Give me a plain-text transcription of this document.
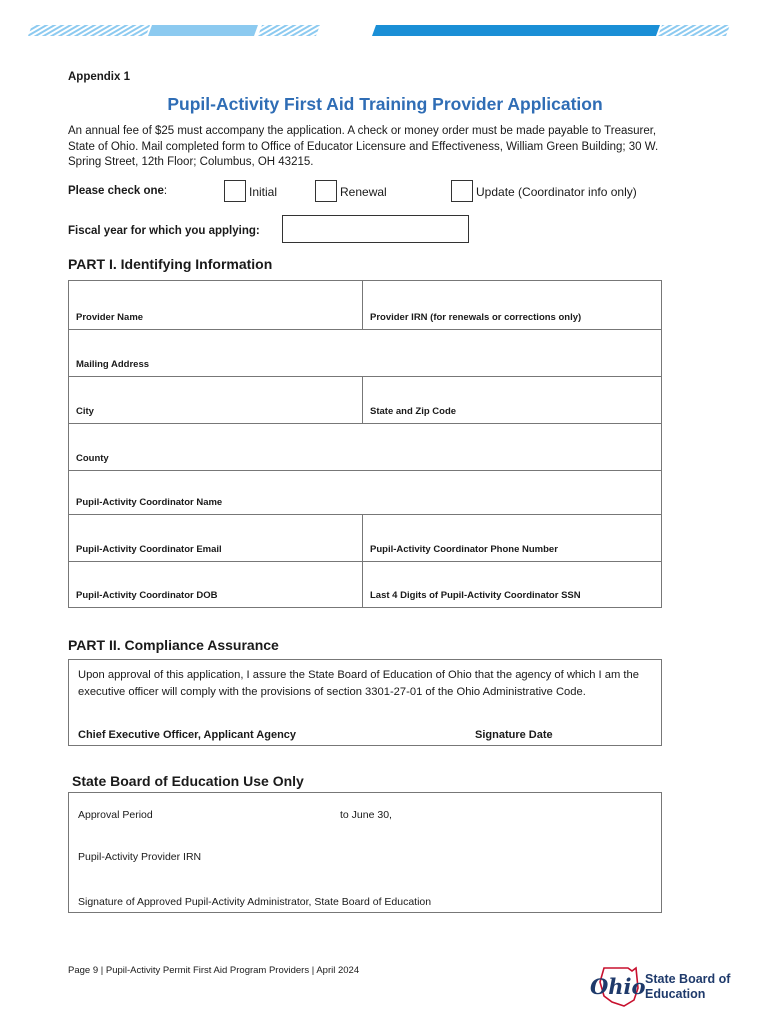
Appendix 1
Pupil-Activity First Aid Training Provider Application
An annual fee of $25 must accompany the application. A check or money order must be made payable to Treasurer, State of Ohio. Mail completed form to Office of Educator Licensure and Effectiveness, William Green Building; 30 W. Spring Street, 12th Floor; Columbus, OH 43215.
Please check one:	Initial	Renewal	Update (Coordinator info only)
Fiscal year for which you applying:
PART I. Identifying Information
Provider Name	Provider IRN (for renewals or corrections only)
Mailing Address
City	State and Zip Code
County
Pupil-Activity Coordinator Name
Pupil-Activity Coordinator Email	Pupil-Activity Coordinator Phone Number
Pupil-Activity Coordinator DOB	Last 4 Digits of Pupil-Activity Coordinator SSN
PART II. Compliance Assurance
Upon approval of this application, I assure the State Board of Education of Ohio that the agency of which I am the executive officer will comply with the provisions of section 3301-27-01 of the Ohio Administrative Code.
Chief Executive Officer, Applicant Agency	Signature Date
State Board of Education Use Only
Approval Period	to June 30,
Pupil-Activity Provider IRN
Signature of Approved Pupil-Activity Administrator, State Board of Education
Page 9 | Pupil-Activity Permit First Aid Program Providers | April 2024
Ohio State Board of
Education
